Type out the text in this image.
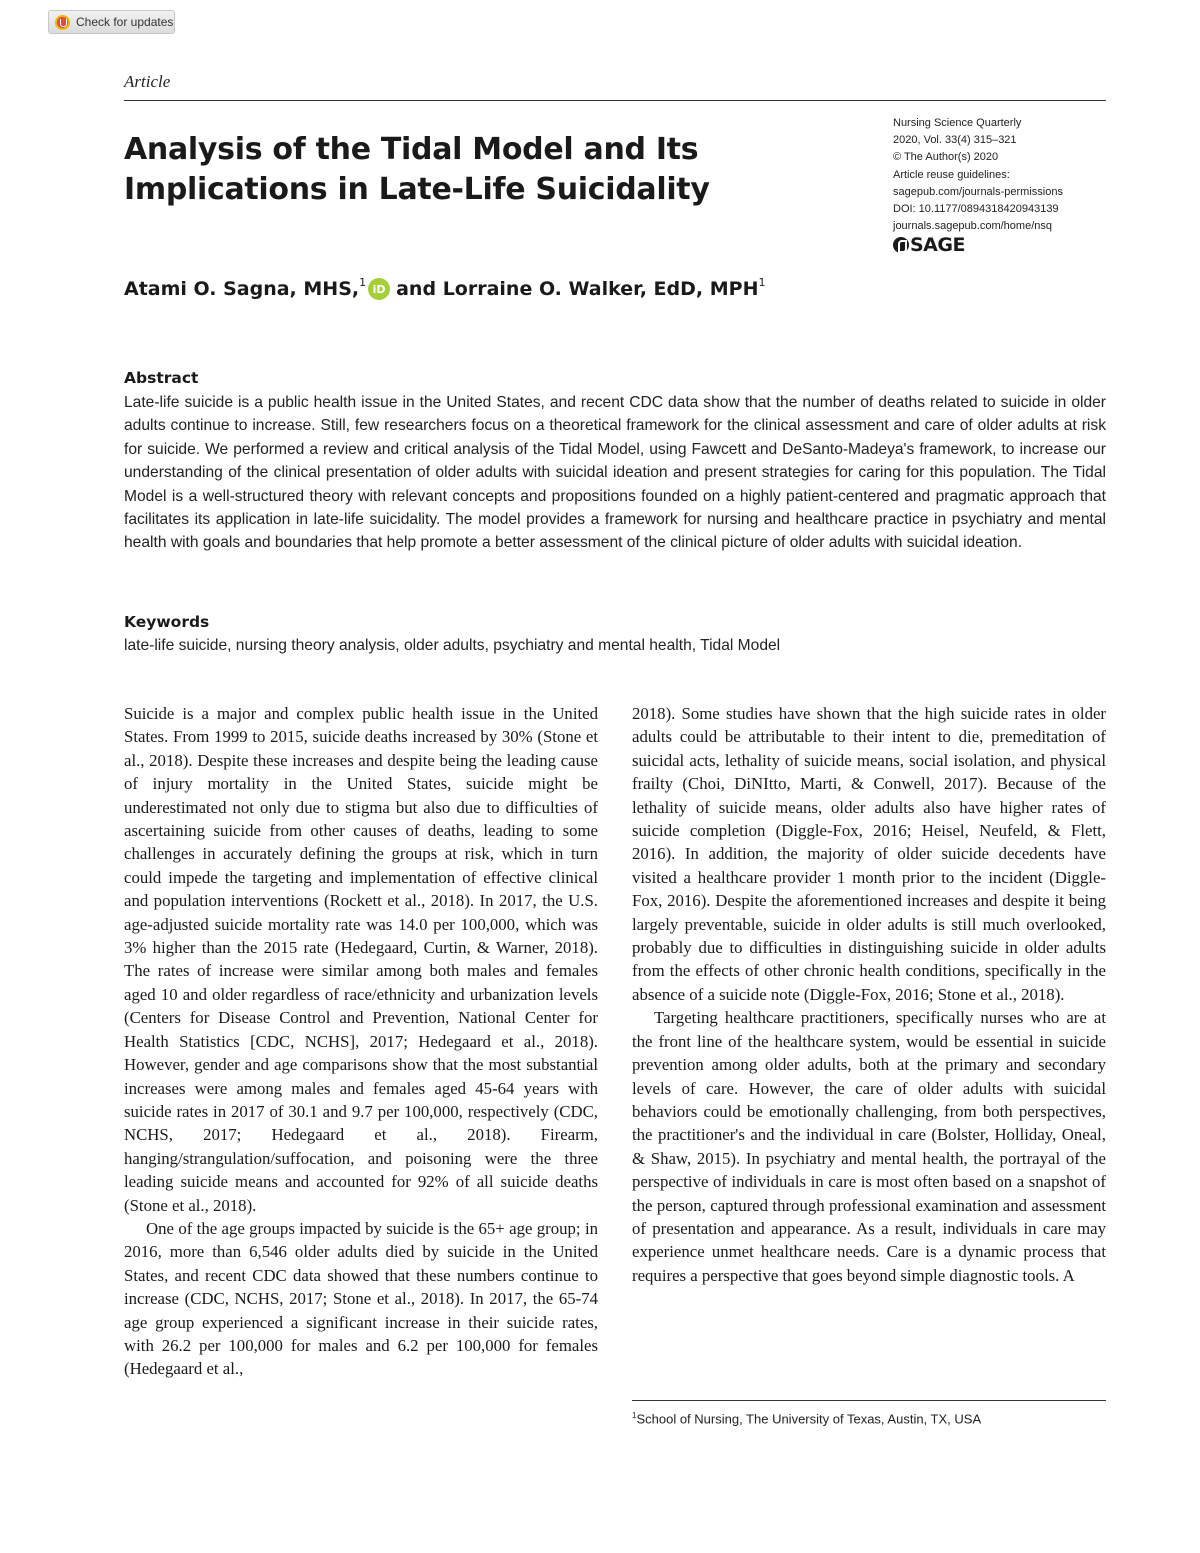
Check for updates
Article
Analysis of the Tidal Model and Its Implications in Late-Life Suicidality
Nursing Science Quarterly
2020, Vol. 33(4) 315–321
© The Author(s) 2020
Article reuse guidelines:
sagepub.com/journals-permissions
DOI: 10.1177/0894318420943139
journals.sagepub.com/home/nsq
SAGE
Atami O. Sagna, MHS,$^1$ iD and
Lorraine O. Walker, EdD, MPH$^1$
Abstract
Late-life suicide is a public health issue in the United States, and recent CDC data show that the number of deaths related to suicide in older adults continue to increase. Still, few researchers focus on a theoretical framework for the clinical assessment and care of older adults at risk for suicide. We performed a review and critical analysis of the Tidal Model, using Fawcett and DeSanto-Madeya's framework, to increase our understanding of the clinical presentation of older adults with suicidal ideation and present strategies for caring for this population. The Tidal Model is a well-structured theory with relevant concepts and propositions founded on a highly patient-centered and pragmatic approach that facilitates its application in late-life suicidality. The model provides a framework for nursing and healthcare practice in psychiatry and mental health with goals and boundaries that help promote a better assessment of the clinical picture of older adults with suicidal ideation.
Keywords
late-life suicide, nursing theory analysis, older adults, psychiatry and mental health, Tidal Model

Suicide is a major and complex public health issue in the United States. From 1999 to 2015, suicide deaths increased by 30% (Stone et al., 2018). Despite these increases and despite being the leading cause of injury mortality in the United States, suicide might be underestimated not only due to stigma but also due to difficulties of ascertaining suicide from other causes of deaths, leading to some challenges in accurately defining the groups at risk, which in turn could impede the targeting and implementation of effective clinical and population interventions (Rockett et al., 2018). In 2017, the U.S. age-adjusted suicide mortality rate was 14.0 per 100,000, which was 3% higher than the 2015 rate (Hedegaard, Curtin, & Warner, 2018). The rates of increase were similar among both males and females aged 10 and older regardless of race/ethnicity and urbanization levels (Centers for Disease Control and Prevention, National Center for Health Statistics [CDC, NCHS], 2017; Hedegaard et al., 2018). However, gender and age comparisons show that the most substantial increases were among males and females aged 45-64 years with suicide rates in 2017 of 30.1 and 9.7 per 100,000, respectively (CDC, NCHS, 2017; Hedegaard et al., 2018). Firearm, hanging/strangulation/suffocation, and poisoning were the three leading suicide means and accounted for 92% of all suicide deaths (Stone et al., 2018).

One of the age groups impacted by suicide is the 65+ age group; in 2016, more than 6,546 older adults died by suicide in the United States, and recent CDC data showed that these numbers continue to increase (CDC, NCHS, 2017; Stone et al., 2018). In 2017, the 65-74 age group experienced a significant increase in their suicide rates, with 26.2 per 100,000 for males and 6.2 per 100,000 for females (Hedegaard et al.,

2018). Some studies have shown that the high suicide rates in older adults could be attributable to their intent to die, premeditation of suicidal acts, lethality of suicide means, social isolation, and physical frailty (Choi, DiNItto, Marti, & Conwell, 2017). Because of the lethality of suicide means, older adults also have higher rates of suicide completion (Diggle-Fox, 2016; Heisel, Neufeld, & Flett, 2016). In addition, the majority of older suicide decedents have visited a healthcare provider 1 month prior to the incident (Diggle-Fox, 2016). Despite the aforementioned increases and despite it being largely preventable, suicide in older adults is still much overlooked, probably due to difficulties in distinguishing suicide in older adults from the effects of other chronic health conditions, specifically in the absence of a suicide note (Diggle-Fox, 2016; Stone et al., 2018).

Targeting healthcare practitioners, specifically nurses who are at the front line of the healthcare system, would be essential in suicide prevention among older adults, both at the primary and secondary levels of care. However, the care of older adults with suicidal behaviors could be emotionally challenging, from both perspectives, the practitioner's and the individual in care (Bolster, Holliday, Oneal, & Shaw, 2015). In psychiatry and mental health, the portrayal of the perspective of individuals in care is most often based on a snapshot of the person, captured through professional examination and assessment of presentation and appearance. As a result, individuals in care may experience unmet healthcare needs. Care is a dynamic process that requires a perspective that goes beyond simple diagnostic tools. A

$^1$School of Nursing, The University of Texas, Austin, TX, USA
